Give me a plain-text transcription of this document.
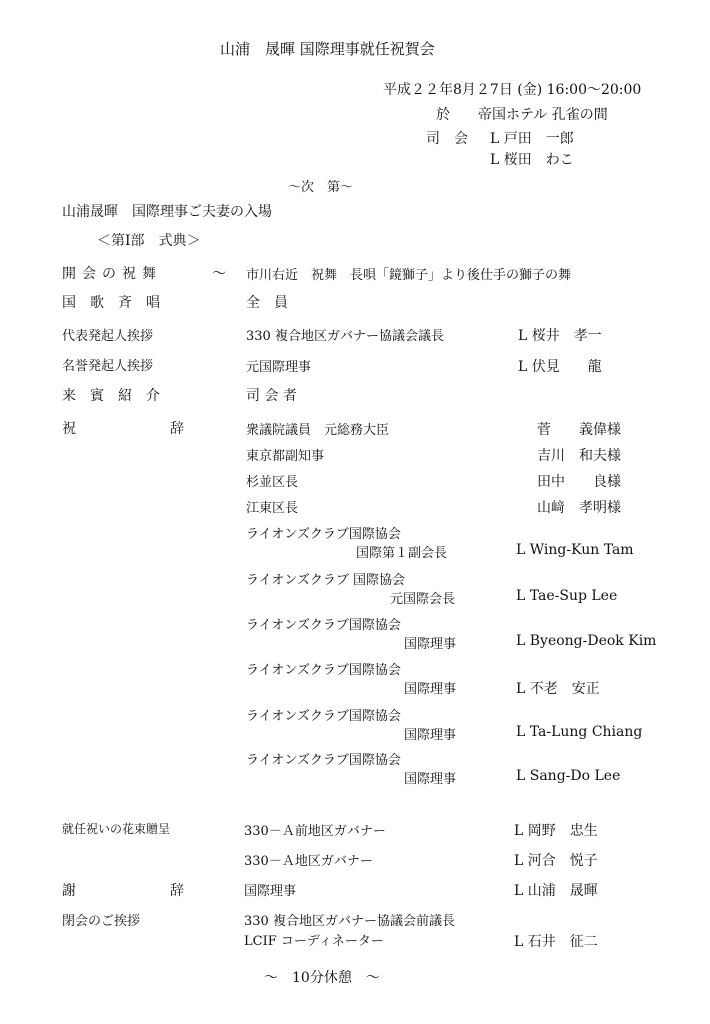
山浦　晟暉 国際理事就任祝賀会
平成２２年8月２7日 (金) 16:00～20:00
於 帝国ホテル 孔雀の間
司　会 L 戸田　一郎
L 桜田　わこ
～次　第～
山浦晟暉　国際理事ご夫妻の入場
＜第Ⅰ部　式典＞
開会の祝舞	～ 市川右近　祝舞　長唄「鏡獅子」より後仕手の獅子の舞
国歌斉唱	全　員
代表発起人挨拶	330 複合地区ガバナー協議会議長	L 桜井　孝一
名誉発起人挨拶	元国際理事	L 伏見　　龍
来賓紹介	司 会 者
祝　辞 衆議院議員　元総務大臣	菅　　義偉様
東京都副知事	吉川　和夫様
杉並区長	田中　　良様
江東区長	山﨑　孝明様
ライオンズクラブ国際協会
国際第１副会長	L Wing-Kun Tam
ライオンズクラブ 国際協会
元国際会長	L Tae-Sup Lee
ライオンズクラブ国際協会
国際理事	L Byeong-Deok Kim
ライオンズクラブ国際協会
国際理事	L 不老　安正
ライオンズクラブ国際協会
国際理事	L Ta-Lung Chiang
ライオンズクラブ国際協会
国際理事	L Sang-Do Lee
就任祝いの花束贈呈	330－Ａ前地区ガバナー	L 岡野　忠生
330－Ａ地区ガバナー	L 河合　悦子
謝　辞 国際理事	L 山浦　晟暉
閉会のご挨拶	330 複合地区ガバナー協議会前議長
LCIF コーディネーター	L 石井　征二
～　10分休憩　～
